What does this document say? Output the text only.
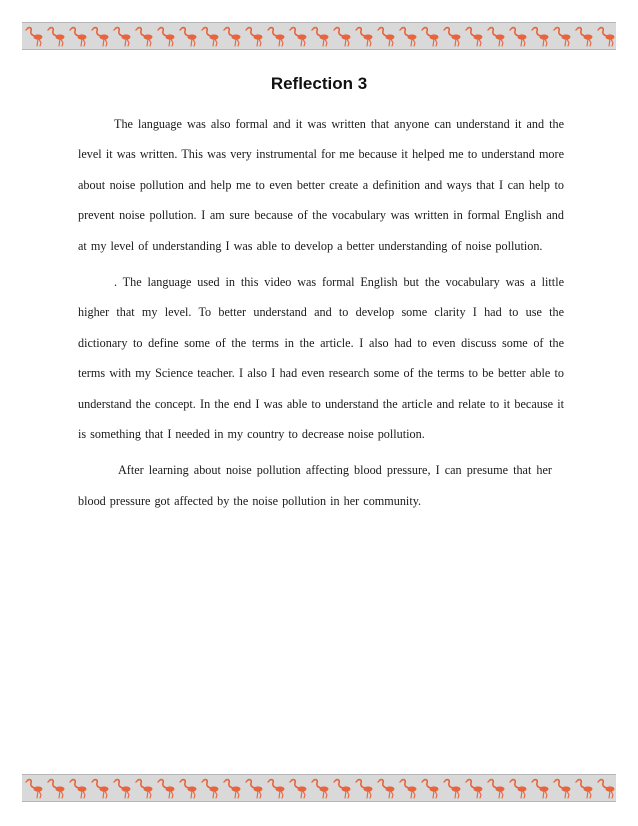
Reflection 3

The language was also formal and it was written that anyone can understand it and the level it was written. This was very instrumental for me because it helped me to understand more about noise pollution and help me to even better create a definition and ways that I can help to prevent noise pollution. I am sure because of the vocabulary was written in formal English and at my level of understanding I was able to develop a better understanding of noise pollution.

. The language used in this video was formal English but the vocabulary was a little higher that my level. To better understand and to develop some clarity I had to use the dictionary to define some of the terms in the article. I also had to even discuss some of the terms with my Science teacher. I also I had even research some of the terms to be better able to understand the concept. In the end I was able to understand the article and relate to it because it is something that I needed in my country to decrease noise pollution.

After learning about noise pollution affecting blood pressure, I can presume that her blood pressure got affected by the noise pollution in her community.
